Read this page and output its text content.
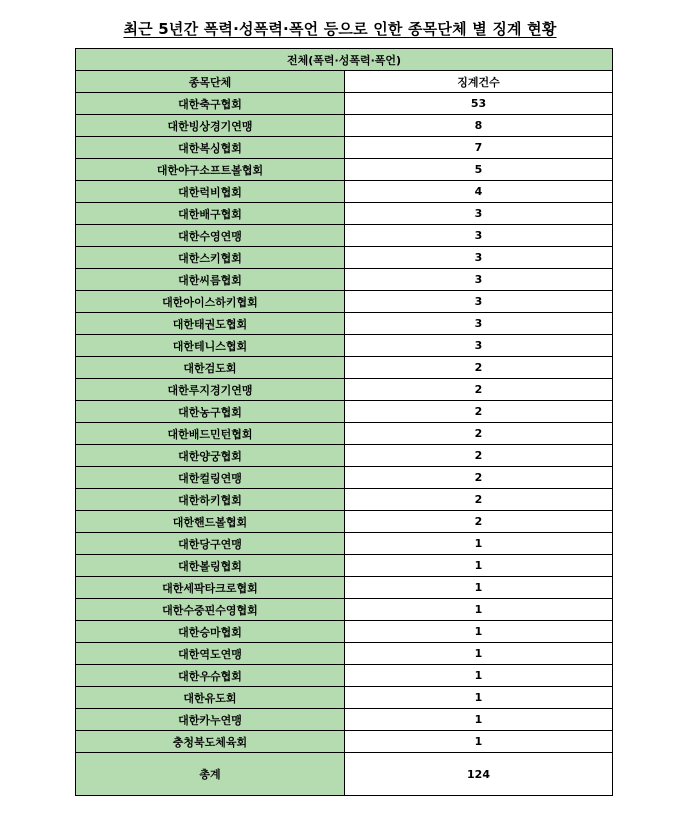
최근 5년간 폭력·성폭력·폭언 등으로 인한 종목단체 별 징계 현황
전체(폭력·성폭력·폭언)	
종목단체	징계건수
대한축구협회	53
대한빙상경기연맹	8
대한복싱협회	7
대한야구소프트볼협회	5
대한럭비협회	4
대한배구협회	3
대한수영연맹	3
대한스키협회	3
대한씨름협회	3
대한아이스하키협회	3
대한태권도협회	3
대한테니스협회	3
대한검도회	2
대한루지경기연맹	2
대한농구협회	2
대한배드민턴협회	2
대한양궁협회	2
대한컬링연맹	2
대한하키협회	2
대한핸드볼협회	2
대한당구연맹	1
대한볼링협회	1
대한세팍타크로협회	1
대한수중핀수영협회	1
대한승마협회	1
대한역도연맹	1
대한우슈협회	1
대한유도회	1
대한카누연맹	1
충청북도체육회	1
총계	124
